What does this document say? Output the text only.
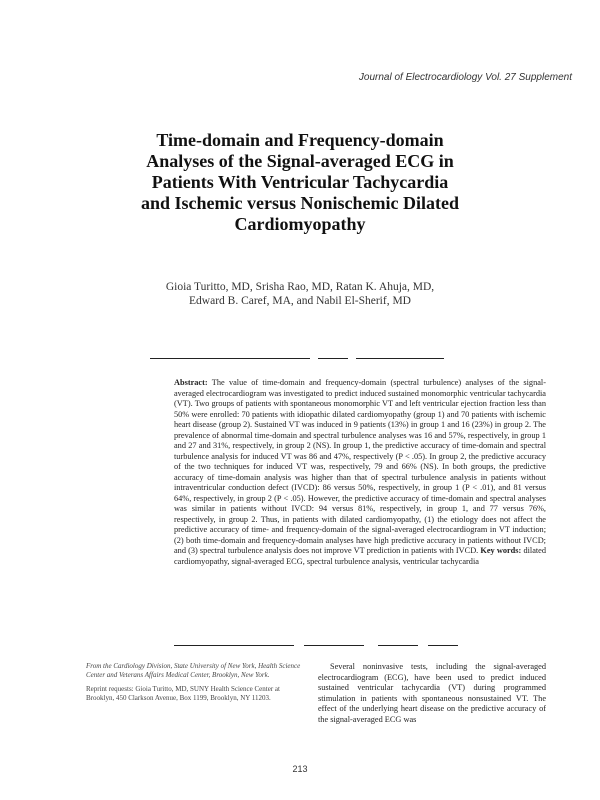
Journal of Electrocardiology Vol. 27 Supplement
Time-domain and Frequency-domain
Analyses of the Signal-averaged ECG in
Patients With Ventricular Tachycardia
and Ischemic versus Nonischemic Dilated
Cardiomyopathy
Gioia Turitto, MD, Srisha Rao, MD, Ratan K. Ahuja, MD,
Edward B. Caref, MA, and Nabil El-Sherif, MD

Abstract: The value of time-domain and frequency-domain (spectral turbulence) analyses of the signal-averaged electrocardiogram was investigated to predict induced sustained monomorphic ventricular tachycardia (VT). Two groups of patients with spontaneous monomorphic VT and left ventricular ejection fraction less than 50% were enrolled: 70 patients with idiopathic dilated cardiomyopathy (group 1) and 70 patients with ischemic heart disease (group 2). Sustained VT was induced in 9 patients (13%) in group 1 and 16 (23%) in group 2. The prevalence of abnormal time-domain and spectral turbulence analyses was 16 and 57%, respectively, in group 1 and 27 and 31%, respectively, in group 2 (NS). In group 1, the predictive accuracy of time-domain and spectral turbulence analysis for induced VT was 86 and 47%, respectively (P < .05). In group 2, the predictive accuracy of the two techniques for induced VT was, respectively, 79 and 66% (NS). In both groups, the predictive accuracy of time-domain analysis was higher than that of spectral turbulence analysis in patients without intraventricular conduction defect (IVCD): 86 versus 50%, respectively, in group 1 (P < .01), and 81 versus 64%, respectively, in group 2 (P < .05). However, the predictive accuracy of time-domain and spectral analyses was similar in patients without IVCD: 94 versus 81%, respectively, in group 1, and 77 versus 76%, respectively, in group 2. Thus, in patients with dilated cardiomyopathy, (1) the etiology does not affect the predictive accuracy of time- and frequency-domain of the signal-averaged electrocardiogram in VT induction; (2) both time-domain and frequency-domain analyses have high predictive accuracy in patients without IVCD; and (3) spectral turbulence analysis does not improve VT prediction in patients with IVCD. Key words: dilated cardiomyopathy, signal-averaged ECG, spectral turbulence analysis, ventricular tachycardia

From the Cardiology Division, State University of New York, Health Science Center and Veterans Affairs Medical Center, Brooklyn, New York.

Reprint requests: Gioia Turitto, MD, SUNY Health Science Center at Brooklyn, 450 Clarkson Avenue, Box 1199, Brooklyn, NY 11203.

Several noninvasive tests, including the signal-averaged electrocardiogram (ECG), have been used to predict induced sustained ventricular tachycardia (VT) during programmed stimulation in patients with spontaneous nonsustained VT. The effect of the underlying heart disease on the predictive accuracy of the signal-averaged ECG was

213
